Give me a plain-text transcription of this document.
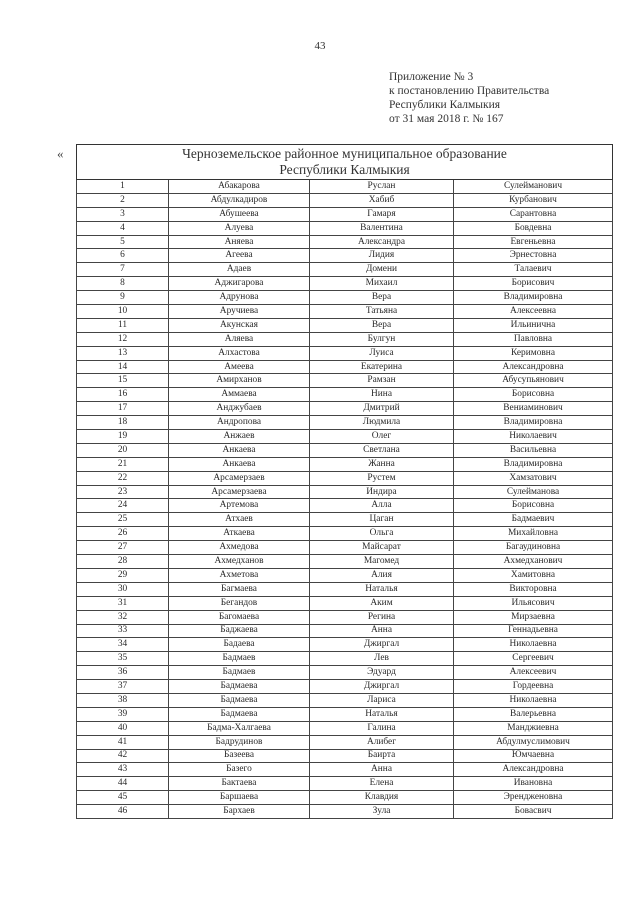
43
Приложение № 3
к постановлению Правительства
Республики Калмыкия
от 31 мая 2018 г. № 167
«	Черноземельское районное муниципальное образование
Республики Калмыкия			

1	Абакарова	Руслан	Сулейманович
2	Абдулкадиров	Хабиб	Курбанович
3	Абушеева	Гамаря	Сарантовна
4	Алуева	Валентина	Бовдевна
5	Аняева	Александра	Евгеньевна
6	Агеева	Лидия	Эрнестовна
7	Адаев	Домени	Талаевич
8	Аджигарова	Михаил	Борисович
9	Адрунова	Вера	Владимировна
10	Аручиева	Татьяна	Алексеевна
11	Акунская	Вера	Ильинична
12	Аляева	Булгун	Павловна
13	Алхастова	Луиса	Керимовна
14	Амеева	Екатерина	Александровна
15	Амирханов	Рамзан	Абусупьянович
16	Аммаева	Нина	Борисовна
17	Анджубаев	Дмитрий	Вениаминович
18	Андропова	Людмила	Владимировна
19	Анжаев	Олег	Николаевич
20	Анкаева	Светлана	Васильевна
21	Анкаева	Жанна	Владимировна
22	Арсамерзаев	Рустем	Хамзатович
23	Арсамерзаева	Индира	Сулейманова
24	Артемова	Алла	Борисовна
25	Атхаев	Цаган	Бадмаевич
26	Аткаева	Ольга	Михайловна
27	Ахмедова	Майсарат	Багаудиновна
28	Ахмедханов	Магомед	Ахмедханович
29	Ахметова	Алия	Хамитовна
30	Багмаева	Наталья	Викторовна
31	Бегандов	Аким	Ильясович
32	Багомаева	Регина	Мирзаевна
33	Баджаева	Анна	Геннадьевна
34	Бадаева	Джиргал	Николаевна
35	Бадмаев	Лев	Сергеевич
36	Бадмаев	Эдуард	Алексеевич
37	Бадмаева	Джиргал	Гордеевна
38	Бадмаева	Лариса	Николаевна
39	Бадмаева	Наталья	Валерьевна
40	Бадма-Халгаева	Галина	Манджиевна
41	Бадрудинов	Алибег	Абдулмуслимович
42	Базеева	Баирта	Юмчаевна
43	Базего	Анна	Александровна
44	Бактаева	Елена	Ивановна
45	Баршаева	Клавдия	Эрендженовна
46	Бархаев	Зула	Бовасвич
